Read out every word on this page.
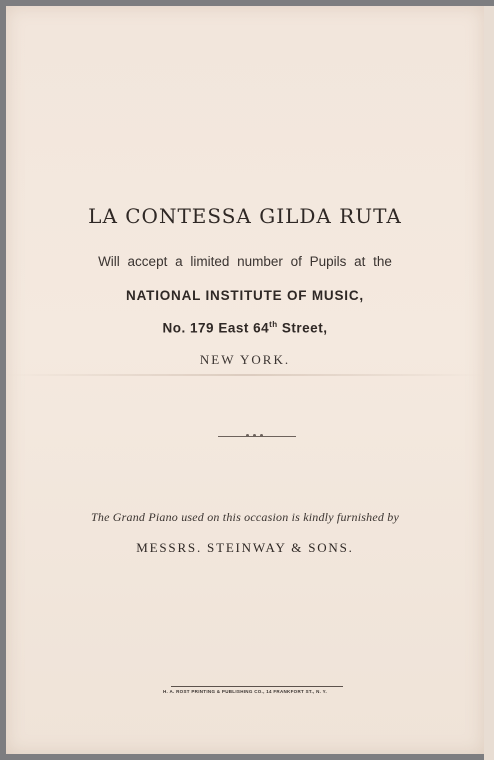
LA CONTESSA GILDA RUTA
Will accept a limited number of Pupils at the
NATIONAL INSTITUTE OF MUSIC,
No. 179 East 64th Street,
NEW YORK.
The Grand Piano used on this occasion is kindly furnished by
MESSRS. STEINWAY & SONS.
H. A. ROST PRINTING & PUBLISHING CO., 14 FRANKFORT ST., N. Y.
